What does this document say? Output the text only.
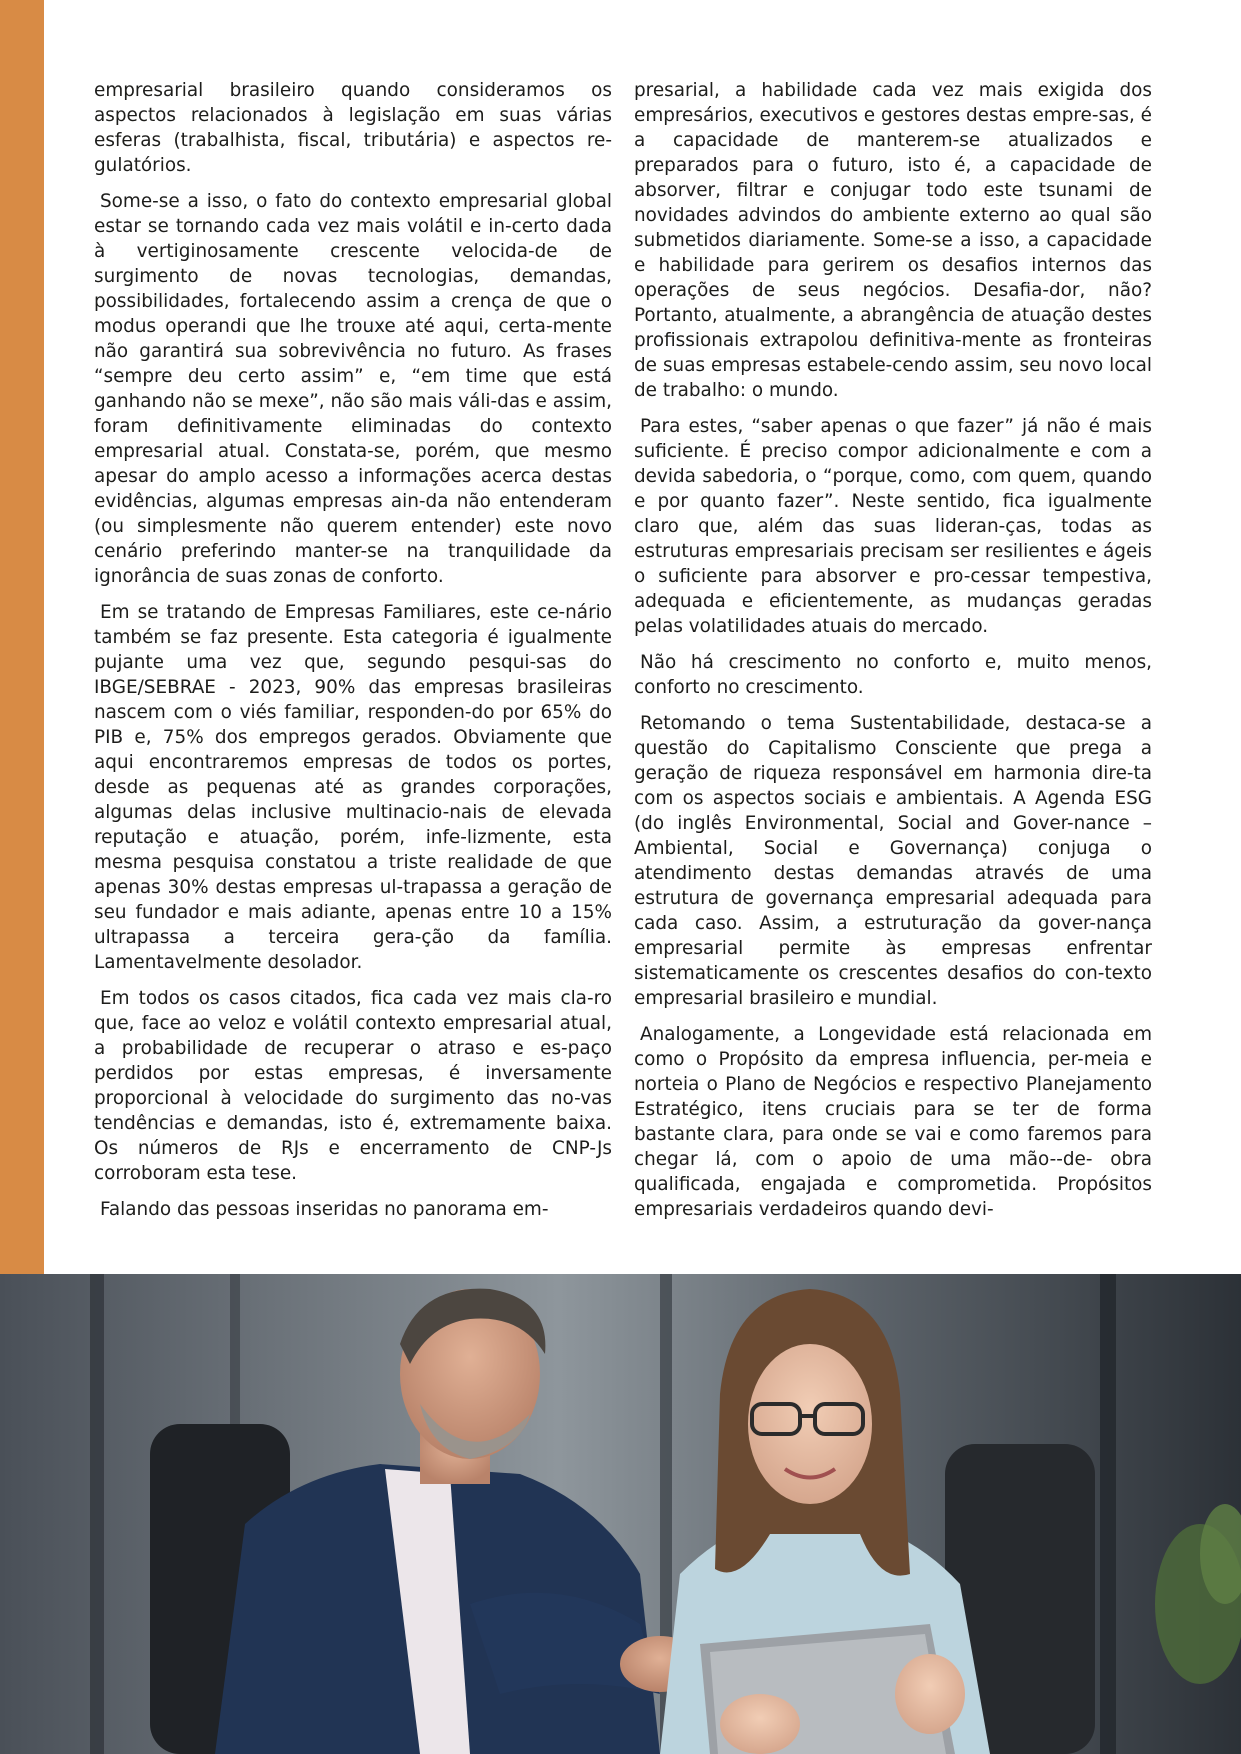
empresarial brasileiro quando consideramos os aspectos relacionados à legislação em suas várias esferas (trabalhista, fiscal, tributária) e aspectos re-gulatórios.

Some-se a isso, o fato do contexto empresarial global estar se tornando cada vez mais volátil e in-certo dada à vertiginosamente crescente velocida-de de surgimento de novas tecnologias, demandas, possibilidades, fortalecendo assim a crença de que o modus operandi que lhe trouxe até aqui, certa-mente não garantirá sua sobrevivência no futuro. As frases “sempre deu certo assim” e, “em time que está ganhando não se mexe”, não são mais váli-das e assim, foram definitivamente eliminadas do contexto empresarial atual. Constata-se, porém, que mesmo apesar do amplo acesso a informações acerca destas evidências, algumas empresas ain-da não entenderam (ou simplesmente não querem entender) este novo cenário preferindo manter-se na tranquilidade da ignorância de suas zonas de conforto.

Em se tratando de Empresas Familiares, este ce-nário também se faz presente. Esta categoria é igualmente pujante uma vez que, segundo pesqui-sas do IBGE/SEBRAE - 2023, 90% das empresas brasileiras nascem com o viés familiar, responden-do por 65% do PIB e, 75% dos empregos gerados. Obviamente que aqui encontraremos empresas de todos os portes, desde as pequenas até as grandes corporações, algumas delas inclusive multinacio-nais de elevada reputação e atuação, porém, infe-lizmente, esta mesma pesquisa constatou a triste realidade de que apenas 30% destas empresas ul-trapassa a geração de seu fundador e mais adiante, apenas entre 10 a 15% ultrapassa a terceira gera-ção da família. Lamentavelmente desolador.

Em todos os casos citados, fica cada vez mais cla-ro que, face ao veloz e volátil contexto empresarial atual, a probabilidade de recuperar o atraso e es-paço perdidos por estas empresas, é inversamente proporcional à velocidade do surgimento das no-vas tendências e demandas, isto é, extremamente baixa. Os números de RJs e encerramento de CNP-Js corroboram esta tese.

Falando das pessoas inseridas no panorama em-

presarial, a habilidade cada vez mais exigida dos empresários, executivos e gestores destas empre-sas, é a capacidade de manterem-se atualizados e preparados para o futuro, isto é, a capacidade de absorver, filtrar e conjugar todo este tsunami de novidades advindos do ambiente externo ao qual são submetidos diariamente. Some-se a isso, a capacidade e habilidade para gerirem os desafios internos das operações de seus negócios. Desafia-dor, não? Portanto, atualmente, a abrangência de atuação destes profissionais extrapolou definitiva-mente as fronteiras de suas empresas estabele-cendo assim, seu novo local de trabalho: o mundo.

Para estes, “saber apenas o que fazer” já não é mais suficiente. É preciso compor adicionalmente e com a devida sabedoria, o “porque, como, com quem, quando e por quanto fazer”. Neste sentido, fica igualmente claro que, além das suas lideran-ças, todas as estruturas empresariais precisam ser resilientes e ágeis o suficiente para absorver e pro-cessar tempestiva, adequada e eficientemente, as mudanças geradas pelas volatilidades atuais do mercado.

Não há crescimento no conforto e, muito menos, conforto no crescimento.

Retomando o tema Sustentabilidade, destaca-se a questão do Capitalismo Consciente que prega a geração de riqueza responsável em harmonia dire-ta com os aspectos sociais e ambientais. A Agenda ESG (do inglês Environmental, Social and Gover-nance – Ambiental, Social e Governança) conjuga o atendimento destas demandas através de uma estrutura de governança empresarial adequada para cada caso. Assim, a estruturação da gover-nança empresarial permite às empresas enfrentar sistematicamente os crescentes desafios do con-texto empresarial brasileiro e mundial.

Analogamente, a Longevidade está relacionada em como o Propósito da empresa influencia, per-meia e norteia o Plano de Negócios e respectivo Planejamento Estratégico, itens cruciais para se ter de forma bastante clara, para onde se vai e como faremos para chegar lá, com o apoio de uma mão--de- obra qualificada, engajada e comprometida. Propósitos empresariais verdadeiros quando devi-
